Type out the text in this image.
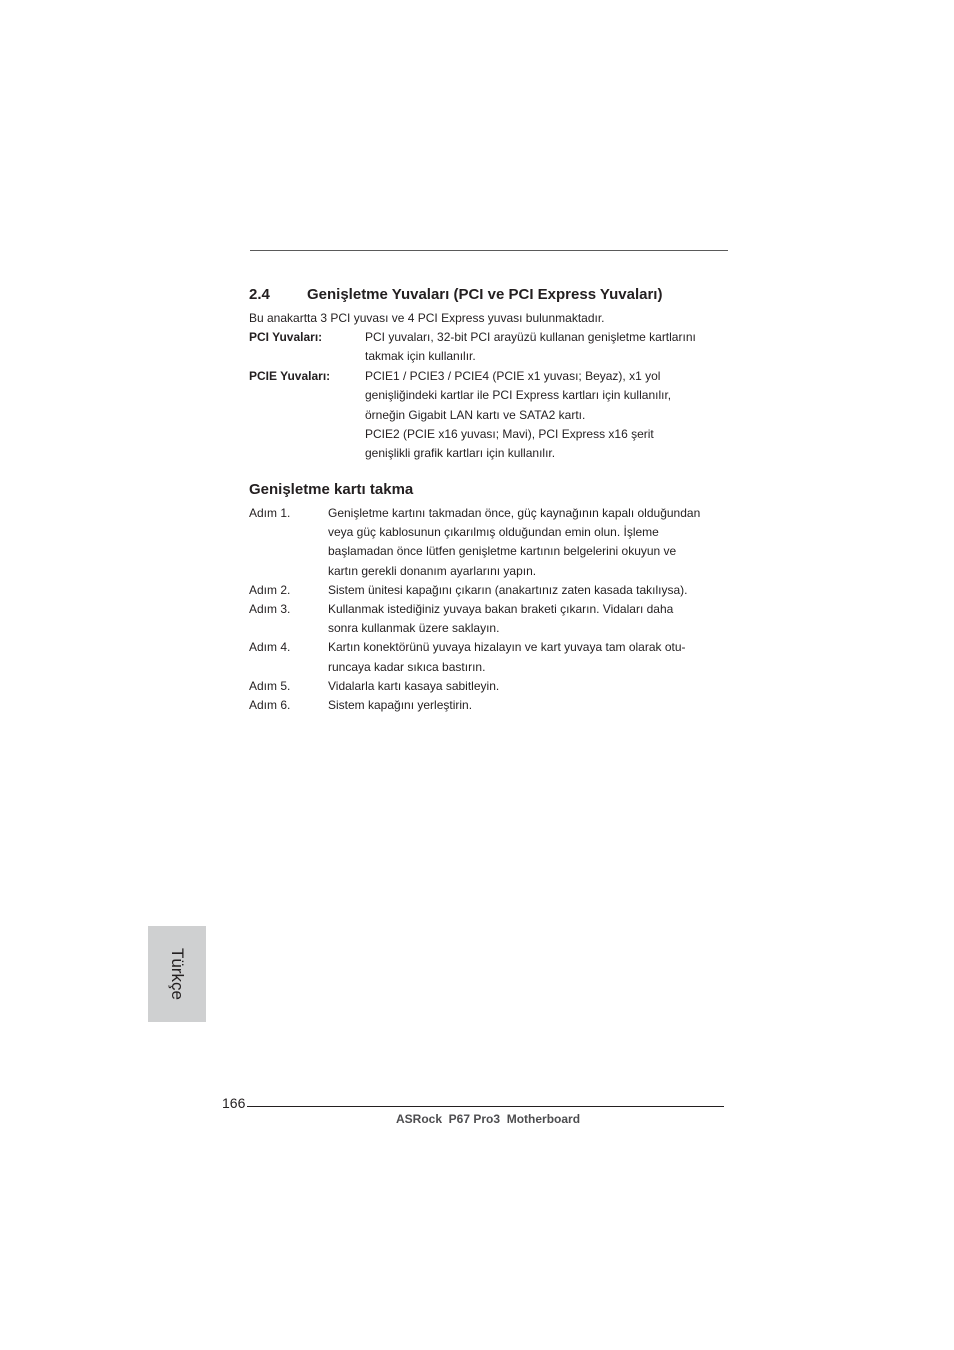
2.4 Genişletme Yuvaları (PCI ve PCI Express Yuvaları)
Bu anakartta 3 PCI yuvası ve 4 PCI Express yuvası bulunmaktadır.
PCI Yuvaları:	PCI yuvaları, 32-bit PCI arayüzü kullanan genişletme kartlarını
takmak için kullanılır.
PCIE Yuvaları:	PCIE1 / PCIE3 / PCIE4 (PCIE x1 yuvası; Beyaz), x1 yol
genişliğindeki kartlar ile PCI Express kartları için kullanılır,
örneğin Gigabit LAN kartı ve SATA2 kartı.
PCIE2 (PCIE x16 yuvası; Mavi), PCI Express x16 şerit
genişlikli grafik kartları için kullanılır.
Genişletme kartı takma
Adım 1.	Genişletme kartını takmadan önce, güç kaynağının kapalı olduğundan
veya güç kablosunun çıkarılmış olduğundan emin olun. İşleme
başlamadan önce lütfen genişletme kartının belgelerini okuyun ve
kartın gerekli donanım ayarlarını yapın.
Adım 2.	Sistem ünitesi kapağını çıkarın (anakartınız zaten kasada takılıysa).
Adım 3.	Kullanmak istediğiniz yuvaya bakan braketi çıkarın. Vidaları daha
sonra kullanmak üzere saklayın.
Adım 4.	Kartın konektörünü yuvaya hizalayın ve kart yuvaya tam olarak otu-
runcaya kadar sıkıca bastırın.
Adım 5.	Vidalarla kartı kasaya sabitleyin.
Adım 6.	Sistem kapağını yerleştirin.
Türkçe
166
ASRock  P67 Pro3  Motherboard
